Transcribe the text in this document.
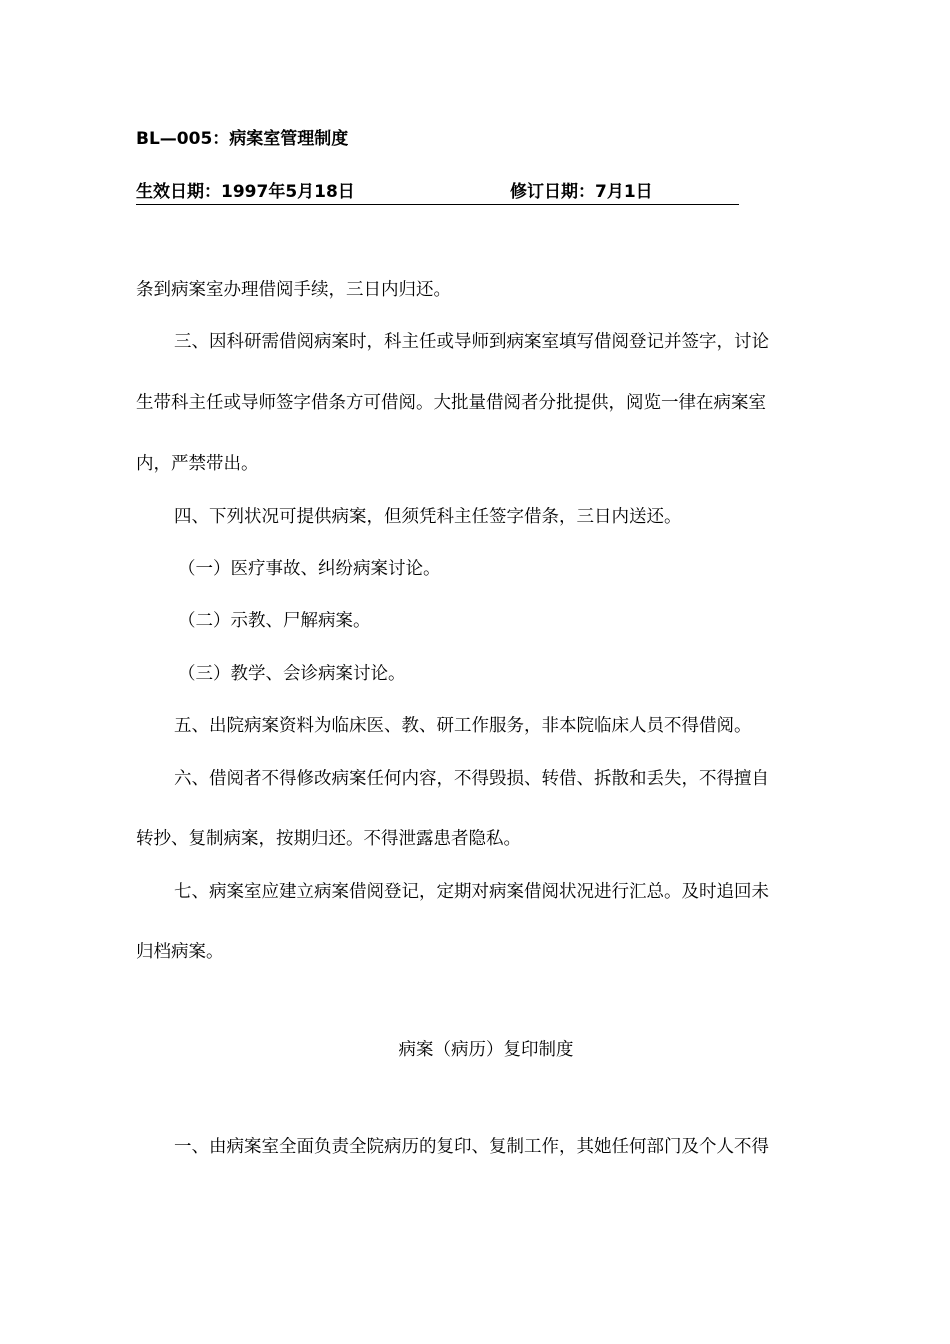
BL—005：病案室管理制度
生效日期：1997年5月18日	修订日期：7月1日
条到病案室办理借阅手续，三日内归还。
三、因科研需借阅病案时，科主任或导师到病案室填写借阅登记并签字，讨论
生带科主任或导师签字借条方可借阅。大批量借阅者分批提供，阅览一律在病案室
内，严禁带出。
四、下列状况可提供病案，但须凭科主任签字借条，三日内送还。
（一）医疗事故、纠纷病案讨论。
（二）示教、尸解病案。
（三）教学、会诊病案讨论。
五、出院病案资料为临床医、教、研工作服务，非本院临床人员不得借阅。
六、借阅者不得修改病案任何内容，不得毁损、转借、拆散和丢失，不得擅自
转抄、复制病案，按期归还。不得泄露患者隐私。
七、病案室应建立病案借阅登记，定期对病案借阅状况进行汇总。及时追回未
归档病案。
病案（病历）复印制度
一、由病案室全面负责全院病历的复印、复制工作，其她任何部门及个人不得
